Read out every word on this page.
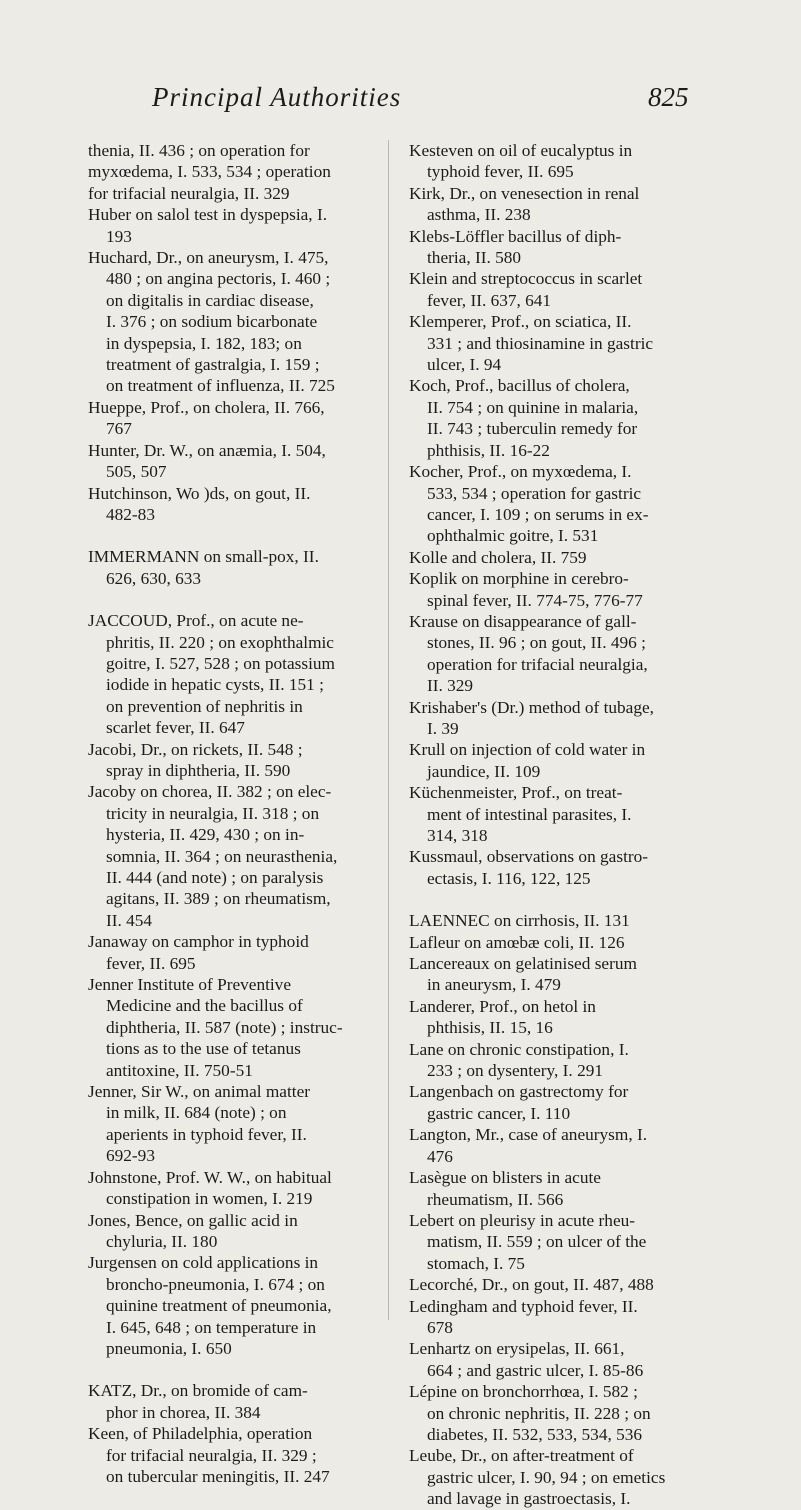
Principal Authorities	825

thenia, II. 436 ; on operation for
myxœdema, I. 533, 534 ; operation
for trifacial neuralgia, II. 329

Huber on salol test in dyspepsia, I.
193

Huchard, Dr., on aneurysm, I. 475,
480 ; on angina pectoris, I. 460 ;
on digitalis in cardiac disease,
I. 376 ; on sodium bicarbonate
in dyspepsia, I. 182, 183; on
treatment of gastralgia, I. 159 ;
on treatment of influenza, II. 725

Hueppe, Prof., on cholera, II. 766,
767

Hunter, Dr. W., on anæmia, I. 504,
505, 507

Hutchinson, Wo )ds, on gout, II.
482-83

IMMERMANN on small-pox, II.
626, 630, 633

JACCOUD, Prof., on acute ne-
phritis, II. 220 ; on exophthalmic
goitre, I. 527, 528 ; on potassium
iodide in hepatic cysts, II. 151 ;
on prevention of nephritis in
scarlet fever, II. 647

Jacobi, Dr., on rickets, II. 548 ;
spray in diphtheria, II. 590

Jacoby on chorea, II. 382 ; on elec-
tricity in neuralgia, II. 318 ; on
hysteria, II. 429, 430 ; on in-
somnia, II. 364 ; on neurasthenia,
II. 444 (and note) ; on paralysis
agitans, II. 389 ; on rheumatism,
II. 454

Janaway on camphor in typhoid
fever, II. 695

Jenner Institute of Preventive
Medicine and the bacillus of
diphtheria, II. 587 (note) ; instruc-
tions as to the use of tetanus
antitoxine, II. 750-51

Jenner, Sir W., on animal matter
in milk, II. 684 (note) ; on
aperients in typhoid fever, II.
692-93

Johnstone, Prof. W. W., on habitual
constipation in women, I. 219

Jones, Bence, on gallic acid in
chyluria, II. 180

Jurgensen on cold applications in
broncho-pneumonia, I. 674 ; on
quinine treatment of pneumonia,
I. 645, 648 ; on temperature in
pneumonia, I. 650

KATZ, Dr., on bromide of cam-
phor in chorea, II. 384

Keen, of Philadelphia, operation
for trifacial neuralgia, II. 329 ;
on tubercular meningitis, II. 247

Kesteven on oil of eucalyptus in
typhoid fever, II. 695

Kirk, Dr., on venesection in renal
asthma, II. 238

Klebs-Löffler bacillus of diph-
theria, II. 580

Klein and streptococcus in scarlet
fever, II. 637, 641

Klemperer, Prof., on sciatica, II.
331 ; and thiosinamine in gastric
ulcer, I. 94

Koch, Prof., bacillus of cholera,
II. 754 ; on quinine in malaria,
II. 743 ; tuberculin remedy for
phthisis, II. 16-22

Kocher, Prof., on myxœdema, I.
533, 534 ; operation for gastric
cancer, I. 109 ; on serums in ex-
ophthalmic goitre, I. 531

Kolle and cholera, II. 759

Koplik on morphine in cerebro-
spinal fever, II. 774-75, 776-77

Krause on disappearance of gall-
stones, II. 96 ; on gout, II. 496 ;
operation for trifacial neuralgia,
II. 329

Krishaber's (Dr.) method of tubage,
I. 39

Krull on injection of cold water in
jaundice, II. 109

Küchenmeister, Prof., on treat-
ment of intestinal parasites, I.
314, 318

Kussmaul, observations on gastro-
ectasis, I. 116, 122, 125

LAENNEC on cirrhosis, II. 131

Lafleur on amœbæ coli, II. 126

Lancereaux on gelatinised serum
in aneurysm, I. 479

Landerer, Prof., on hetol in
phthisis, II. 15, 16

Lane on chronic constipation, I.
233 ; on dysentery, I. 291

Langenbach on gastrectomy for
gastric cancer, I. 110

Langton, Mr., case of aneurysm, I.
476

Lasègue on blisters in acute
rheumatism, II. 566

Lebert on pleurisy in acute rheu-
matism, II. 559 ; on ulcer of the
stomach, I. 75

Lecorché, Dr., on gout, II. 487, 488

Ledingham and typhoid fever, II.
678

Lenhartz on erysipelas, II. 661,
664 ; and gastric ulcer, I. 85-86

Lépine on bronchorrhœa, I. 582 ;
on chronic nephritis, II. 228 ; on
diabetes, II. 532, 533, 534, 536

Leube, Dr., on after-treatment of
gastric ulcer, I. 90, 94 ; on emetics
and lavage in gastroectasis, I.
